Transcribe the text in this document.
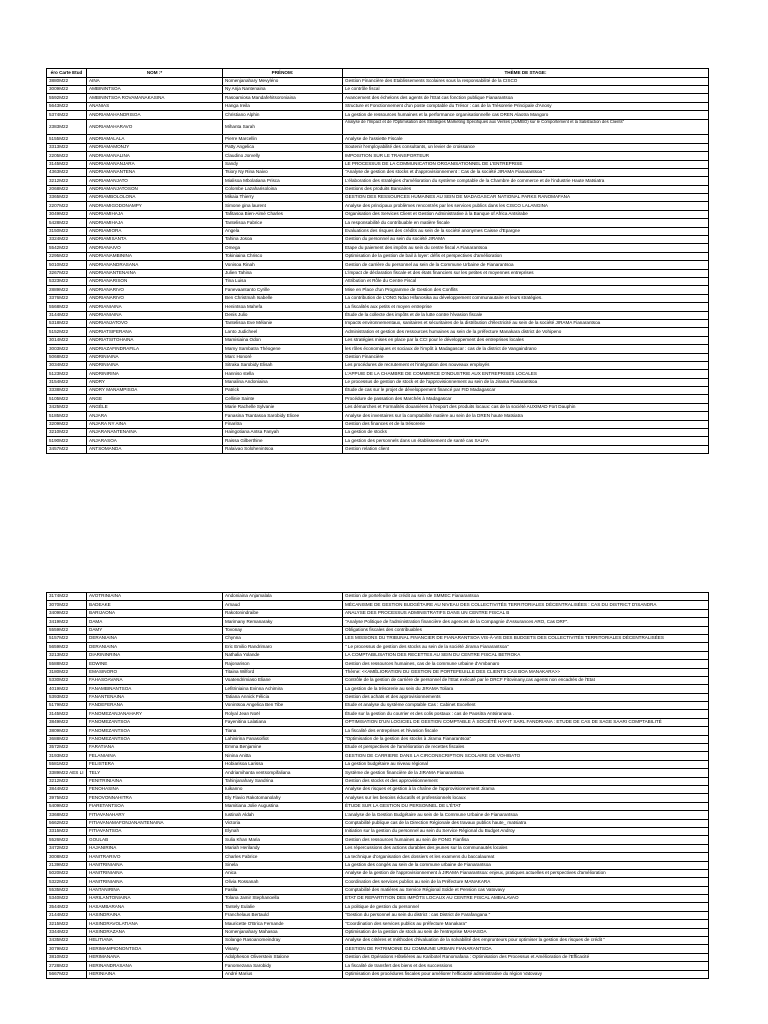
éro Carte Etud	NOM :*	PRÉNOM:	THÈME DE STAGE:
3880M22	AINA	Nomenjanahary Mevyléno	Gestion Financière des Etablissements Scolaires sous la responsabilité de la CISCO
3009M22	AMBININTSOA	Ny Anja Nantenaina	Le contrôle fiscal
5592M22	AMBININTSOA ROVAMANAKASINA	Rasoamiosa Mandafehitsoroniaina	Avancement des échelons des agents de l'Etat cas fonction publique Fianarantsoa
5643M22	ANANIAS	Hanga Ireila	Structure et Fonctionnement d'un poste comptable du Trésor : cas de la Trésorerie Principale d'Anosy
5374M22	ANDRIAMAHANDRISOA	Christiano Alphin	La gestion de ressources humaines et la performance organisationnelle cas DREN Alaotra Mangoro
2383M22	ANDRIAMAHARAVO	Mihanta Sarah	Analyse de l'Impact et de l'Optimisation des Stratégies Marketing Spécifiques aux Ventes (JUMBO) sur le Comportement et la Satisfaction des Clients"
5155M22	ANDRIAMALALA	Pierre Marcellin	Analyse de l'assiette Fiscale
3313M22	ANDRIAMAMONJY	Patty Angelica	Soutenir l'employabilité des consultants, un levier de croissance
2205M22	ANDRIAMANALINA	Claudino Jorvelly	IMPOSITION SUR LE TRANSPORTEUR
3145M22	ANDRIAMANANJARA	Sandy	LE PROCESSUS DE LA COMMUNICATION ORGANISATIONNEL DE L'ENTREPRISE
4363M22	ANDRIAMANANTENA	Tsiory Ny Rina Naivo	"Analyse de gestion des stocks et d'approvisionnement : Cas de la société JIRAMA Fianarantsoa "
3212M22	ANDRIAMANJATO	Mialisoa Mbolatiana Prisca	L'élaboration des stratégies d'amélioration du système comptable de la Chambre de commerce et de l'industrie Haute Matsiatra
2068M22	ANDRIAMANJATOSON	Colombe Lazaharisoloina	Gestions des produits Bancaires
3365M22	ANDRIAMBOLOLONA	Mikaia Thierry	GESTION DES RESSOURCES HUMAINES AU SEIN DE MADAGASCAR NATIONAL PARKS RANOMAFANA
2207M22	ANDRIAMIGODONAMPY	Simone gina laurent	Analyse des principaux problèmes rencontrés par les services publics dans les CISCO LALANGINA
3049M22	ANDRIAMIHAJA	Tafitasoa Bien-Aimé Charles	Organisation des Services Client et Gestion Administrative à la Banque of Africa Antsirabe
5428M22	ANDRIAMIHAJA	Tantelisoa Fabrice	La responsabilité du contribuable en matière fiscale
3150M22	ANDRIAMIORA	Angela	Evaluations des risques des crédits au sein de la société anonymes Caisse d'Epargne
3324M22	ANDRIAMISANTA	Tahina Josoa	Gestion du personnel au sein du société JIRAMA
5542M22	ANDRIANAIVO	Omega	Etape du paiement des impôts au sein du centre fiscal A Fianarantsoa
2295M22	ANDRIANAMBININA	Tokiniaina Chrisco	Optimisation de la gestion de bail à loyer: défis et perspectives d'amélioration
5010M22	ANDRIANANDRASANA	Vonisoa Rinah	Gestion de carrière du personnel au sein de la Commune Urbaine de Fianarantsoa
3267M22	ANDRIANANTENAINA	Julien Tahina	L'impact de déclaration fiscale et des états financiers sur les petites et moyennes entreprises
5323M22	ANDRIANARISON	Tina Luisa	Attribution et Rôle du Centre Fiscal
2889M22	ANDRIANARIVO	Fanevaantanto Cyrille	Mise en Place d'un Programme de Gestion des Conflits
3376M22	ANDRIANARIVO	Ben Christmah Isabelle	La contribution de L'ONG Ndao Hifanosika au développement communautaire et leurs stratégies.
5568M22	ANDRIANIAINA	Henintsoa Mahefa	La fiscalités aux petits et moyen entreprise
3144M22	ANDRIANIAINA	Denis Julio	Étude de la collecte des impôts et de la lutte contre l'évasion fiscale
5318M22	ANDRIANJATOVO	Tantelisoa Eve Mélanie	Impacts environnementaux, sanitaires et sécuritaires de la distribution d'électricité au sein de la société JIRAMA Fianarantsoa
5152M22	ANDRIATSIFERANA	Lanto Judicheel	Administration et gestion des ressources humaines au sein de la préfecture Manakara district de Vohipeno
3014M22	ANDRIATSITOHAINA	Mamisiaina Odon	Les stratégies mises en place par la CCI pour le développement des entreprises locales
3003M22	ANDRIAZAFINDRAFILA	Mamy Sambatra Théogene	les rôles économiques et sociaux de l'impôt à Madagascar : cas de la district de Vangaindrano
5068M22	ANDRINIAINA	Marc Honoré	Gestion Financière
3034M22	ANDRINIAINA	Sitraka Sarobidy Elisah	Les procédures de recrutement et l'intégration des nouveaux employés
5123M22	ANDRINIRINA	Hanniso stella	L'APPUIE DE LA CHAMBRE DE COMMERCE D'INDUSTRIE AUX ENTREPRISES LOCALES
3154M22	ANDRY	Manalina Andoniaina	Le processus de gestion de stock et de l'approvisionnement au sein de la Jirama Fianarantsoa
3338M22	ANDRY MANAMPISOA	Patrick	Étude de cas sur le projet de développement financé par FID Madagascar
5105M22	ANGE	Cellinie Sainte	Procédure de passation des Marchés à Madagascar
3425M22	ANGÈLE	Marie Rachelle Sylvanie	Les démarches et Formalités douanières à l'export des produits locaux: cas de la société AUXIMAD Fort Dauphin
5185M22	ANJARA	Fanasina Tsantasoa Sarobidy Elicee	Analyse des inventaires sur la comptabilité matière au sein de la DREN haute Matsiatra
3209M22	ANJARA NY AINA	Finaritra	Gestion des finances et de la trésorerie
3210M22	ANJARANANTENAINA	Haingotiana Antsa Fanyah	La gestion de stocks
5190M22	ANJARASOA	Raissa Gilberthine	La gestion des personnels dans un établissement de santé cas SALFA
3457M22	ANTSOMANDA	Ralaivao Solohenintsoa	Gestion relation client
3174M22	AVOTRINIAINA	Andoniaina Anjamalala	Gestion de portefeuille de crédit au sein de SMMEC Fianarantsoa
3070M22	BADEAKE	Arnaud	MÉCANISME DE GESTION BUDGÉTAIRE AU NIVEAU DES COLLECTIVITÉS TERRITORIALES DÉCENTRALISÉES : CAS DU DISTRICT D'ISANDRA
3409M22	BARIJAONA	Rakotonindraibe	ANALYSE DES PROCESSUS ADMINISTRATIFS DANS UN CENTRE FISCAL B
3419M22	DAMA	Marimany Remanaraky	"Analyse Politique de l'administration financière des agences de la Compagnie d'Assurances ARO, Cas DRF".
5559M22	DAMY	Tovonay	Obligations fiscales des contribuables
5157M22	DERANIAINA	Chynna	LES MISSIONS DU TRIBUNAL FINANCIER DE FIANARANTSOA VIS-À-VIS DES BUDGETS DES COLLECTIVITÉS TERRITORIALES DÉCENTRALISÉES
5659M22	DERANIAINA	Eric Emilio Randrimaro	" Le processus de gestion des stocks au sein de la société Jirama Fianarantsoa"
3213M22	DIARININRINA	Nathalia Yolande	LA COMPTABILISATION DES RECETTES AU SEIN DU CENTRE FISCAL BETROKA
5588M22	EDWINE	Rajonarison	Gestion des ressources humaines, cas de la commune urbaine d'Ambanaro
3180M22	EMASINORO	Titaina Wilford	Thème: <<AMÉLIORATION DU GESTION DE PORTEFEUILLE DES CLIENTS CAS BOA MANAKARA>>
5330M22	FAHASOAVANA	Voatendrimiaso Eliane	Contrôle de la gestion de carrière de personnel de l'Etat exécuté par le DRCF Fitovinany,cas agents non encadrés de l'Etat
4019M22	FANAMBINANTSOA	Lefitriniaina Evinna Achimira	La gestion de la trésorerie au sein du JIRAMA Toliara
5393M22	FANANTENAINA	Tatiana Annick Félicia	Gestion des achats et des approvisionnements
5179M22	FANDEFERANA	Vonintsoa Angelica Ben Tibe	Etude et analyse du système comptable Cas : Cabinet Excellent
3145M22	FANOMEZANJANAHARY	Rolyal Jean Noël	Étude sur la gestion du courrier et des colis postaux : cas de Paositra Antsiranana .
3849M22	FANOMEZANTSOA	Fayenitina Lalatiana	OPTIMISATION D'UN LOGICIEL DE GESTION COMPTABLE À SOCIÉTÉ HAY-IT SARL FANDRIANA : ETUDE DE CAS DE SAGE SAARI COMPTABILITÉ
3809M22	FANOMEZANTSOA	Tiana	La fiscalité des entreprises et l'évasion fiscale
3688M22	FANOMEZANTSOA	Lahinirina Fanasoifiot	"Optimisation de la gestion des stocks à Jirama Fianarantsoa"
3572M22	FARATIANA	Emma Benjamine	Etude et perspectives de l'amélioration de recettes fiscales
3193M22	FELANIAINA	Ninina Anitta	GESTION DE CARRIERE DANS LA CIRCONSCRIPTION SCOLAIRE DE VOHIBATO
5581M22	FELISTERA	Hobiarisoa Larissa	La gestion budgétaire au niveau régional
3389M22 AES LI	TELY	Andriamihanta ventsompifaliana	Système de gestion financière de la JIRAMA Fianarantsoa
3212M22	FENITRINIAINA	Tahinjanahary Sandrina	Gestion des stocks et des approvisionnement
3844M22	FENOHASINA	Iuikanno	Analyse des risques et gestion à la chaîne de l'approvisionnement Jirama
3975M22	FENOVONNAHITRA	Ely Flavio Rakotomanolahy	Analyses sur les besoins éducatifs et professionnels locaux
5409M22	FIARETANTSOA	Mamitiana Jolie Augustina	ÉTUDE SUR LA GESTION DU PERSONNEL DE L'ÉTAT
3368M22	FITIAVANAHARY	Iustinah Aldah	L'analyse de la Gestion Budgétaire au sein de la Commune Urbaine de Fianarantsoa
5662M22	FITIAVANAMAFONJANANTENAINA	Victoria	Comptabilité publique cas de la Direction Régionale des travaux publics haute_ matsiatra
3315M22	FITIAVANTSOA	Elynah	Initiation sur la gestion du personnel au sein du Service Régional du Budget Androy
5526M22	GOULAB	Sulia Khan Maria	Gestion des ressources humaines au sein de FONG Fianfisa
3472M22	HAJANIRINA	Mariah Herilandy	Les répercussions des actions durables des jeunes sur la communautés locales
3008M22	HANITRARIVO	Charles Fabrice	La technique d'organisation des dossiers et les examens du baccalaureat
2139M22	HANITRINIAINA	Sinela	La gestion des congés au sein de la commune urbaine de Fianarantsoa
5020M22	HANITRINIAINA	Anica	Analyse de la gestion de l'approvisionnement à JIRAMA Fianarantsoa: enjeux, pratiques actuelles et perspectives d'amélioration
5322M22	HANITRINIAINA	Olivia Rossanah	Coordination des services publics au sein de la Préfecture MANAKARA
5535M22	HANTANIRINA	Fasila	Comptabilité des matières au Service Régional Solde et Pension cas Vatovavy
5340M22	HARILANTONIAINA	Tolana Jamir Stephanoella	ETAT DE REPARTITION DES IMPÔTS LOCAUX AU CENTRE FISCAL AMBALAVAO
3544M22	HASAMBARANA	Tantely Eulalie	La politique de gestion du personnel
2144M22	HASINDRAINA	Franchelaus Bertauld	"Gestion du personnel au sein du district : cas District de Farafangana "
3215M22	HASINDRAVOLATIANA	Mauricette O'Brica Fernande	"Coordination des services publics au préfecture Manakara"
3344M22	HASINDRAZANA	Nomenjanahary Mahasoa	Optimisation de la gestion de stock au sein de l'entreprise MAHASOA
3435M22	HELITIANA	Solange Rasoanomeindray	Analyse des critères et méthodes d'évaluation de la solvabilité des emprunteurs pour optimiser la gestion des risques de crédit "
3079M22	HERIMAMPIONONTSOA	Visany	GESTION DE PATRIMOINE DU COMMUNE URBAIN FIANARANTSOA
3810M22	HERIMANANA	Adolpheson Oliverstein Stalone	Gestion des Opérations Hôtelières au Karibotel Ranomafana : Optimisation des Processus et Amélioration de l'Efficacité
2728M22	HERINANDRASANA	Fanomezana Sarobidy	La fiscalité de transfert des biens et des successions
5667M22	HERINIAINA	André Marius	Optimisation des procédures fiscales pour améliorer l'efficacité administrative du région Vatovavy
